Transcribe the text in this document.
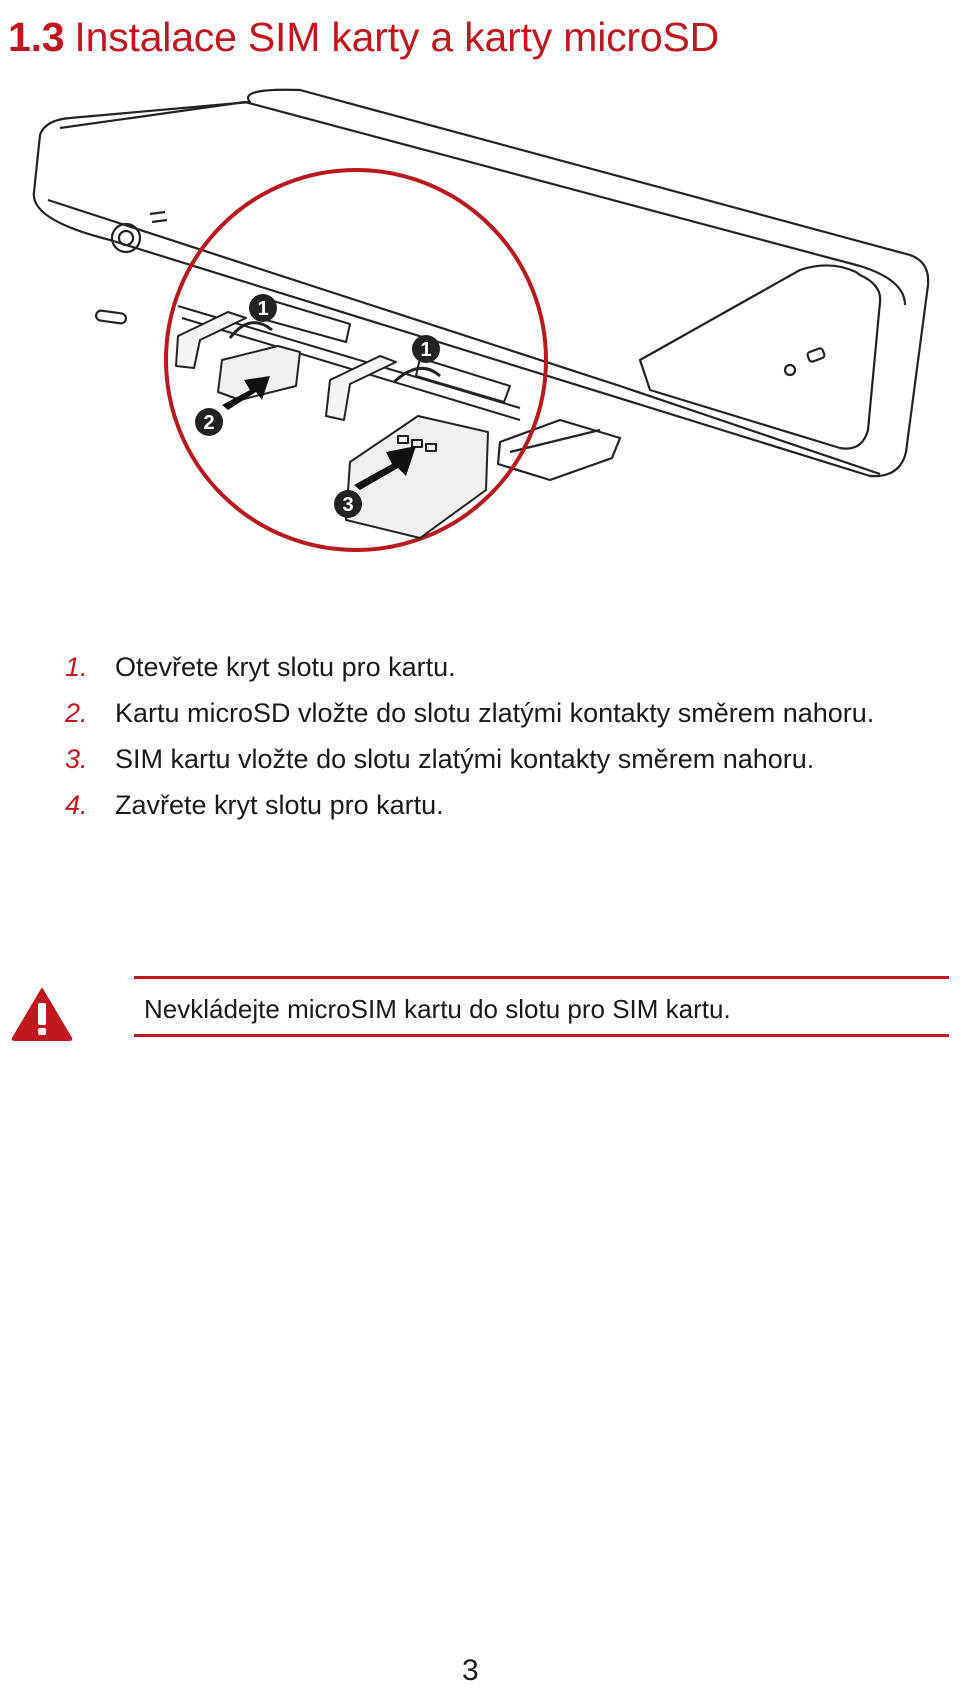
1.3 Instalace SIM karty a karty microSD
1
1
2
3
1. Otevřete kryt slotu pro kartu.
2. Kartu microSD vložte do slotu zlatými kontakty směrem nahoru.
3. SIM kartu vložte do slotu zlatými kontakty směrem nahoru.
4. Zavřete kryt slotu pro kartu.
Nevkládejte microSIM kartu do slotu pro SIM kartu.
3
